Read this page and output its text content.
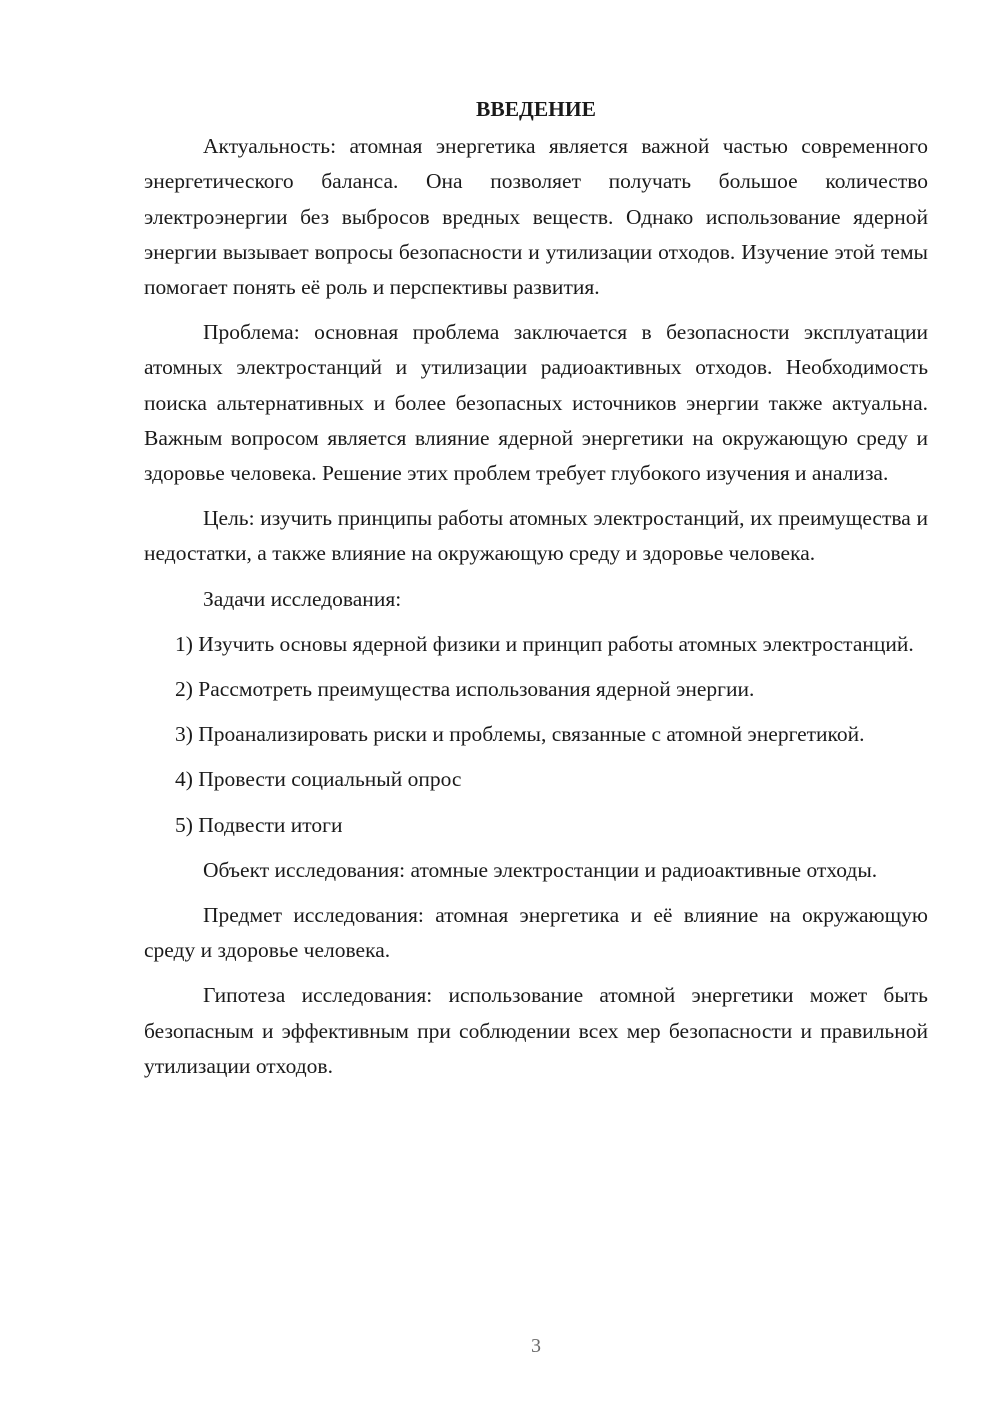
ВВЕДЕНИЕ

Актуальность: атомная энергетика является важной частью современного энергетического баланса. Она позволяет получать большое количество электроэнергии без выбросов вредных веществ. Однако использование ядерной энергии вызывает вопросы безопасности и утилизации отходов. Изучение этой темы помогает понять её роль и перспективы развития.

Проблема: основная проблема заключается в безопасности эксплуатации атомных электростанций и утилизации радиоактивных отходов. Необходимость поиска альтернативных и более безопасных источников энергии также актуальна. Важным вопросом является влияние ядерной энергетики на окружающую среду и здоровье человека. Решение этих проблем требует глубокого изучения и анализа.

Цель: изучить принципы работы атомных электростанций, их преимущества и недостатки, а также влияние на окружающую среду и здоровье человека.

Задачи исследования:

1) Изучить основы ядерной физики и принцип работы атомных электростанций.

2) Рассмотреть преимущества использования ядерной энергии.

3) Проанализировать риски и проблемы, связанные с атомной энергетикой.

4) Провести социальный опрос

5) Подвести итоги

Объект исследования: атомные электростанции и радиоактивные отходы.

Предмет исследования: атомная энергетика и её влияние на окружающую среду и здоровье человека.

Гипотеза исследования: использование атомной энергетики может быть безопасным и эффективным при соблюдении всех мер безопасности и правильной утилизации отходов.

3
